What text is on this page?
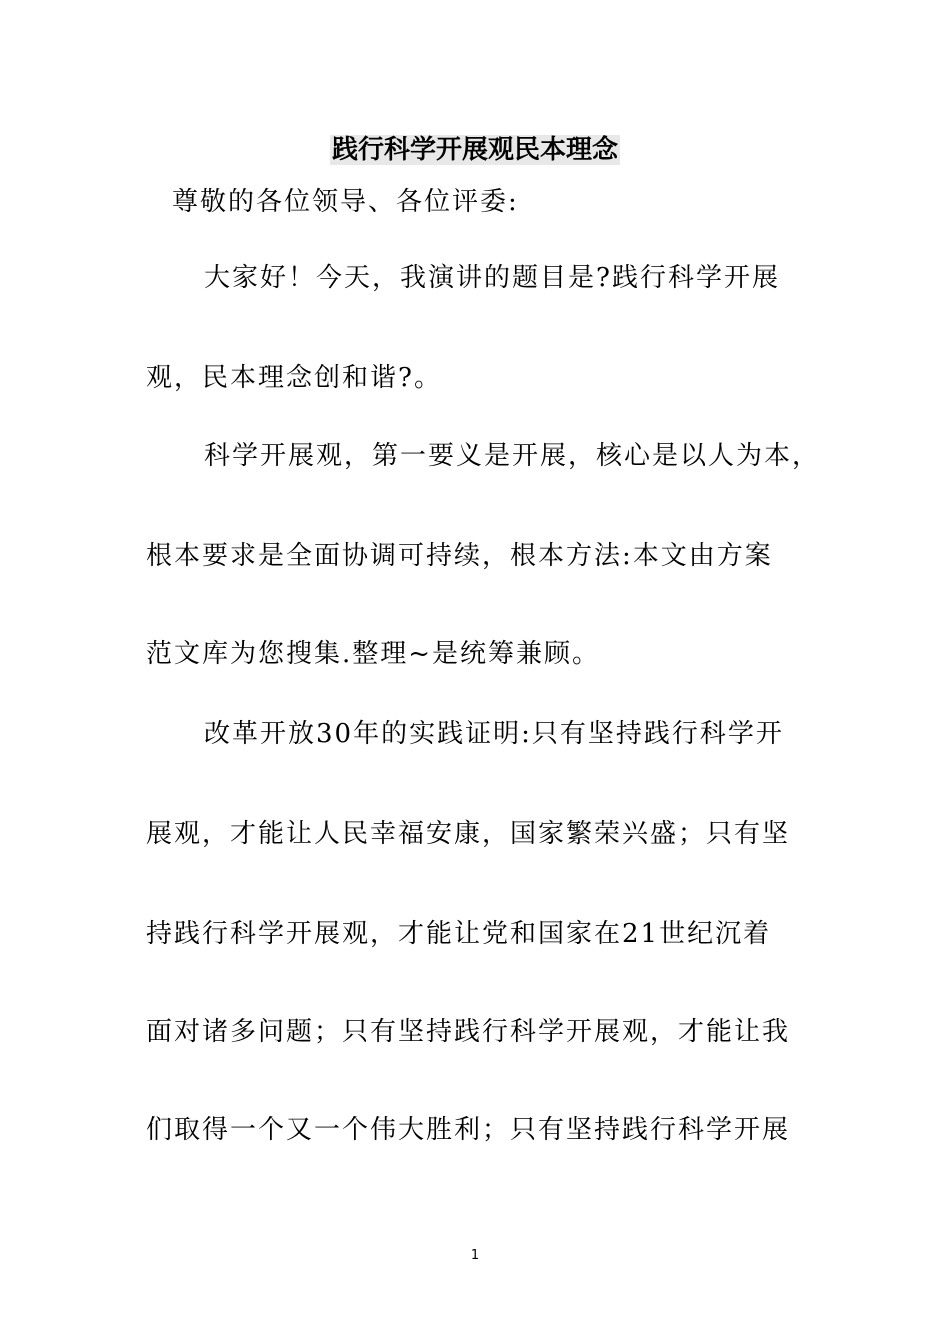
践行科学开展观民本理念

尊敬的各位领导、各位评委:

大家好！今天，我演讲的题目是?践行科学开展

观，民本理念创和谐?。

科学开展观，第一要义是开展，核心是以人为本，

根本要求是全面协调可持续，根本方法:本文由方案

范文库为您搜集.整理~是统筹兼顾。

改革开放30年的实践证明:只有坚持践行科学开

展观，才能让人民幸福安康，国家繁荣兴盛；只有坚

持践行科学开展观，才能让党和国家在21世纪沉着

面对诸多问题；只有坚持践行科学开展观，才能让我

们取得一个又一个伟大胜利；只有坚持践行科学开展

1
